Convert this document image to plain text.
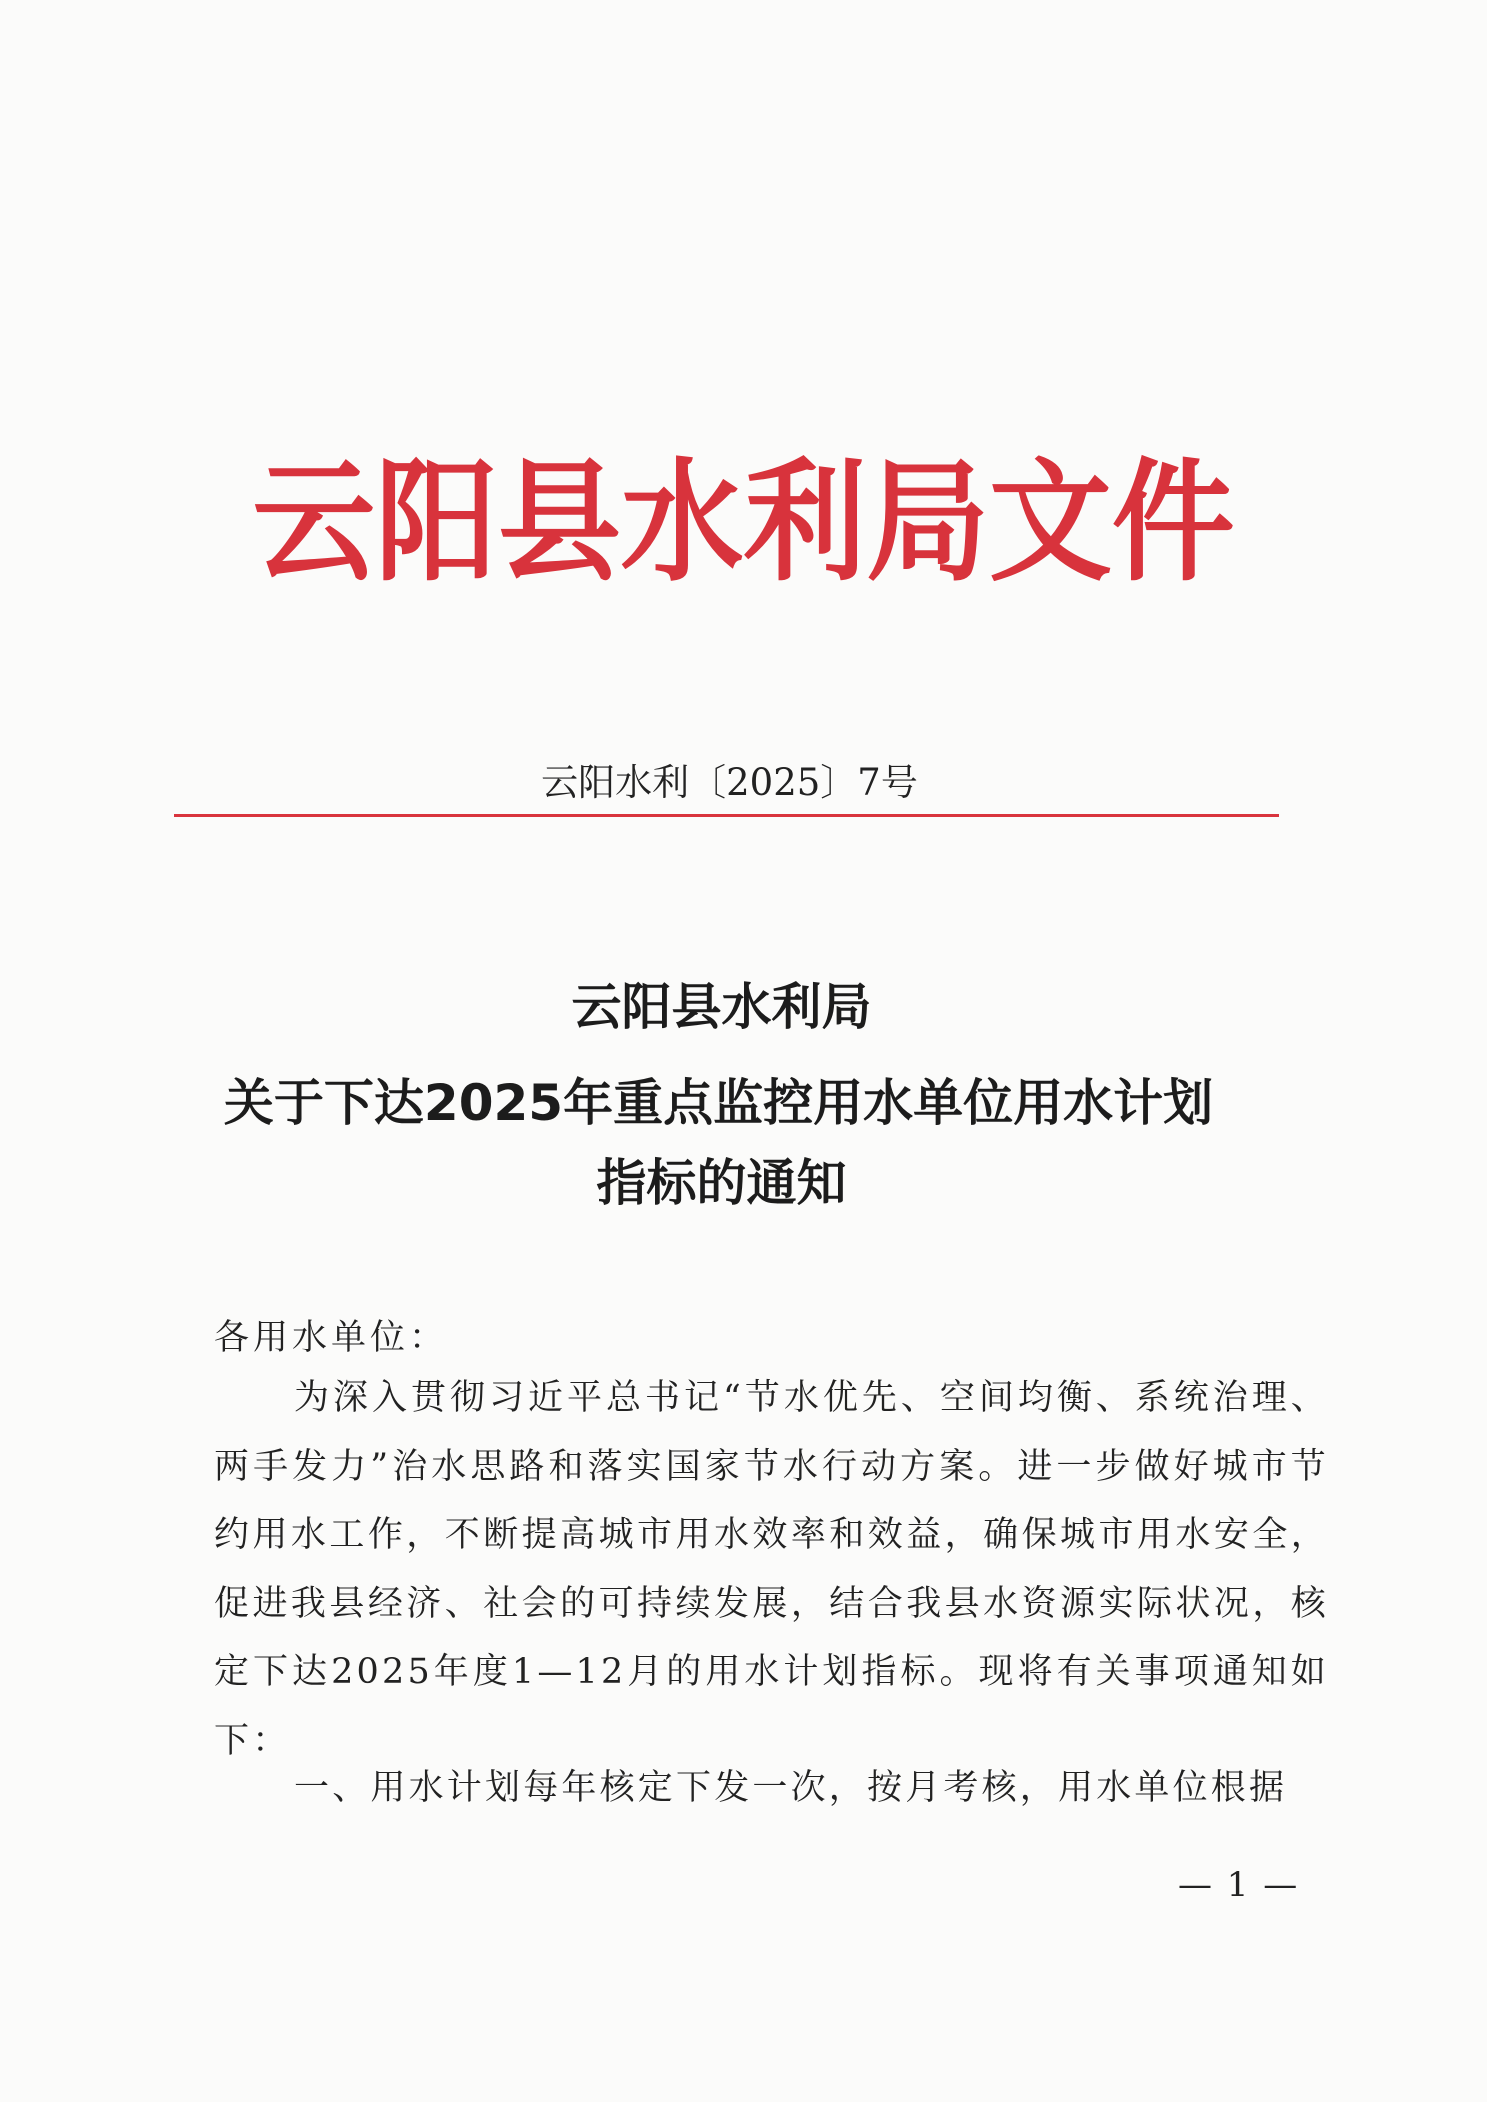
云阳县水利局文件
云阳水利〔2025〕7号
云阳县水利局
关于下达2025年重点监控用水单位用水计划
指标的通知
各用水单位：
为深入贯彻习近平总书记“节水优先、空间均衡、系统治理、两手发力”治水思路和落实国家节水行动方案。进一步做好城市节约用水工作，不断提高城市用水效率和效益，确保城市用水安全，促进我县经济、社会的可持续发展，结合我县水资源实际状况，核定下达2025年度1—12月的用水计划指标。现将有关事项通知如下：
一、用水计划每年核定下发一次，按月考核，用水单位根据
— 1 —
